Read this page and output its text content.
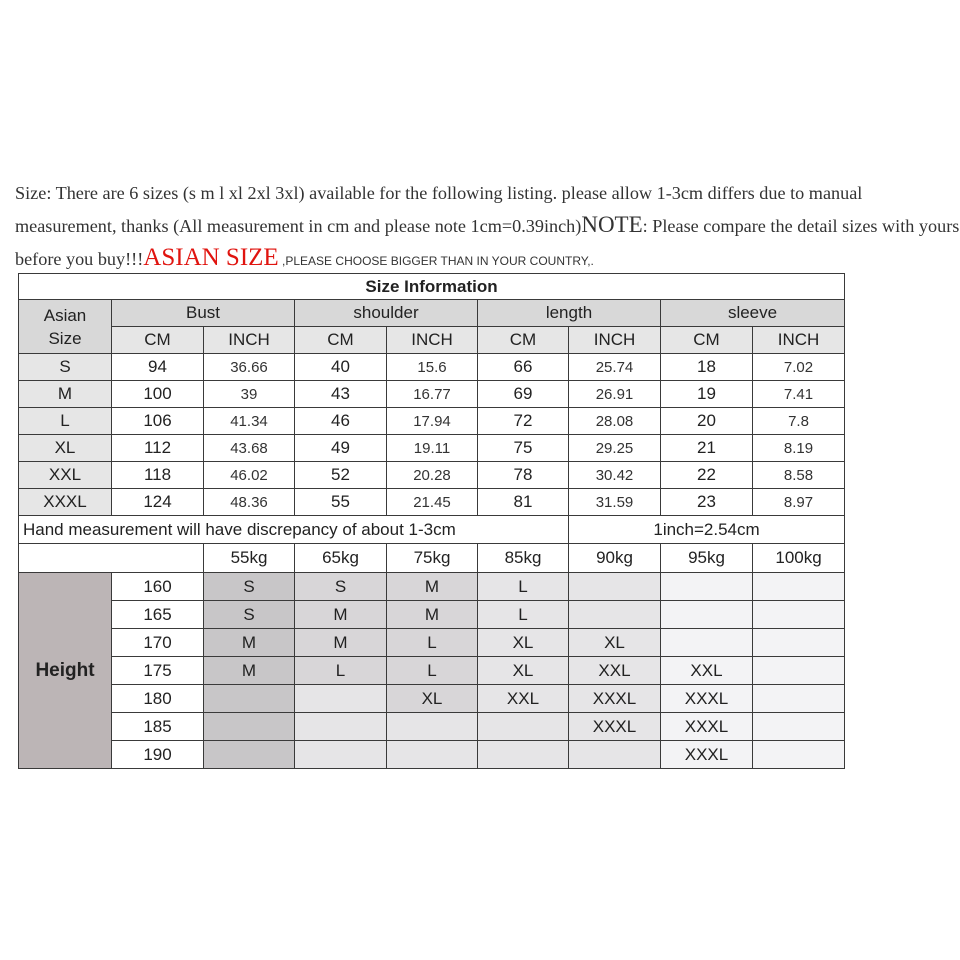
Size: There are 6 sizes (s m l xl 2xl 3xl) available for the following listing. please allow 1-3cm differs due to manual measurement, thanks (All measurement in cm and please note 1cm=0.39inch)NOTE: Please compare the detail sizes with yours before you buy!!!ASIAN SIZE ,PLEASE CHOOSE BIGGER THAN IN YOUR COUNTRY,.
Size Information								
Asian
Size	Bust		shoulder		length		sleeve	
	CM	INCH	CM	INCH	CM	INCH	CM	INCH
S	94	36.66	40	15.6	66	25.74	18	7.02
M	100	39	43	16.77	69	26.91	19	7.41
L	106	41.34	46	17.94	72	28.08	20	7.8
XL	112	43.68	49	19.11	75	29.25	21	8.19
XXL	118	46.02	52	20.28	78	30.42	22	8.58
XXXL	124	48.36	55	21.45	81	31.59	23	8.97
Hand measurement will have discrepancy of about 1-3cm						1inch=2.54cm		
		55kg	65kg	75kg	85kg	90kg	95kg	100kg
Height	160	S	S	M	L			
	165	S	M	M	L			
	170	M	M	L	XL	XL		
	175	M	L	L	XL	XXL	XXL	
	180			XL	XXL	XXXL	XXXL	
	185					XXXL	XXXL	
	190						XXXL	
